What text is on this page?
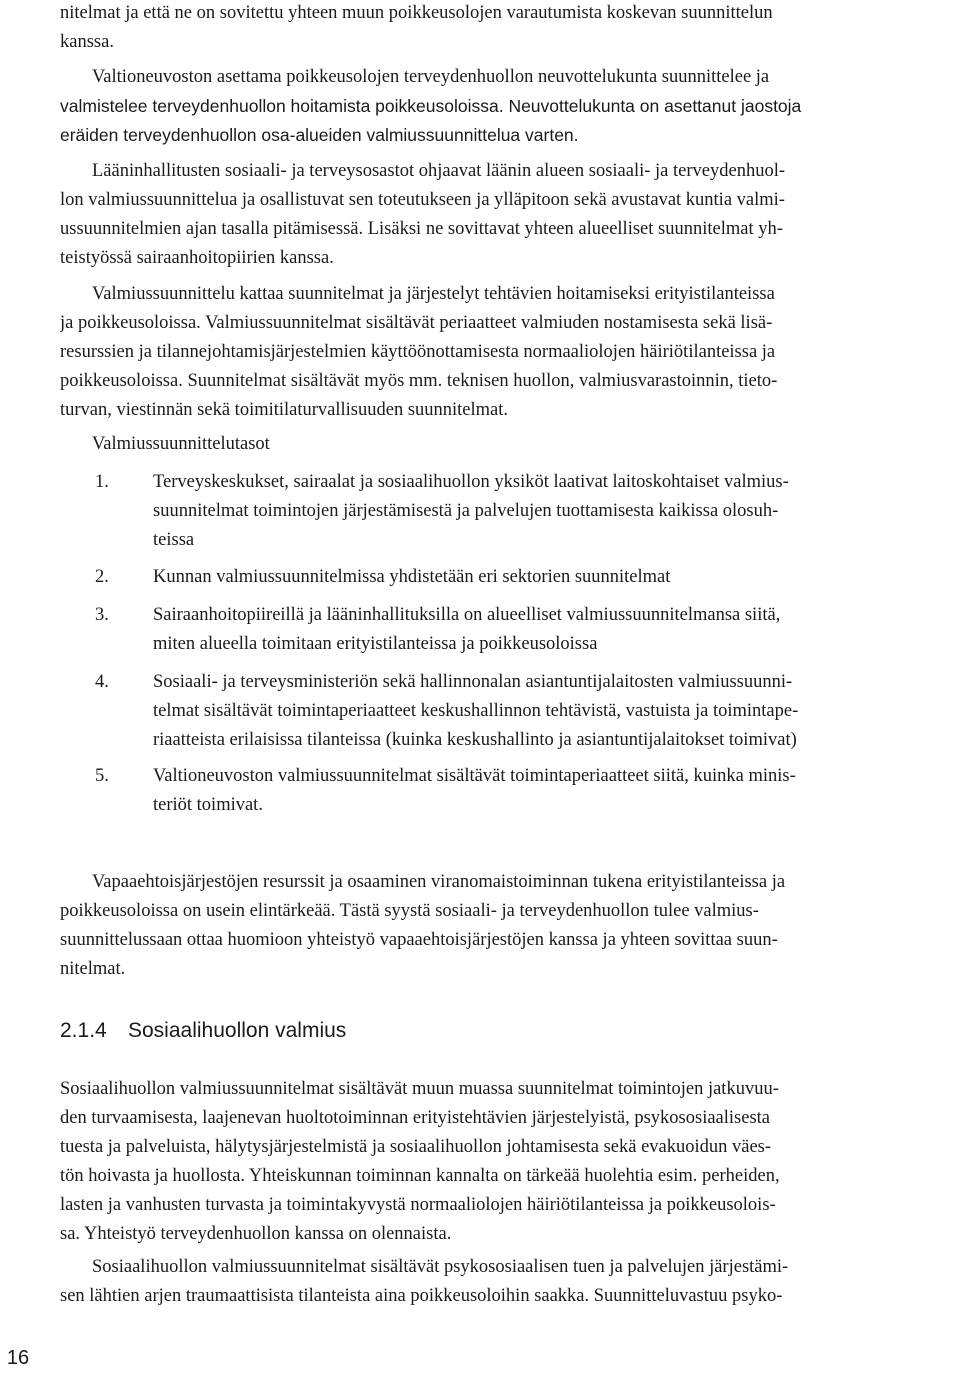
nitelmat ja että ne on sovitettu yhteen muun poikkeusolojen varautumista koskevan suunnittelun
kanssa.
Valtioneuvoston asettama poikkeusolojen terveydenhuollon neuvottelukunta suunnittelee ja
valmistelee terveydenhuollon hoitamista poikkeusoloissa. Neuvottelukunta on asettanut jaostoja
eräiden terveydenhuollon osa-alueiden valmiussuunnittelua varten.
Lääninhallitusten sosiaali- ja terveysosastot ohjaavat läänin alueen sosiaali- ja terveydenhuol-
lon valmiussuunnittelua ja osallistuvat sen toteutukseen ja ylläpitoon sekä avustavat kuntia valmi-
ussuunnitelmien ajan tasalla pitämisessä. Lisäksi ne sovittavat yhteen alueelliset suunnitelmat yh-
teistyössä sairaanhoitopiirien kanssa.
Valmiussuunnittelu kattaa suunnitelmat ja järjestelyt tehtävien hoitamiseksi erityistilanteissa
ja poikkeusoloissa. Valmiussuunnitelmat sisältävät periaatteet valmiuden nostamisesta sekä lisä-
resurssien ja tilannejohtamisjärjestelmien käyttöönottamisesta normaaliolojen häiriötilanteissa ja
poikkeusoloissa. Suunnitelmat sisältävät myös mm. teknisen huollon, valmiusvarastoinnin, tieto-
turvan, viestinnän sekä toimitilaturvallisuuden suunnitelmat.
Valmiussuunnittelutasot
1. Terveyskeskukset, sairaalat ja sosiaalihuollon yksiköt laativat laitoskohtaiset valmius-
suunnitelmat toimintojen järjestämisestä ja palvelujen tuottamisesta kaikissa olosuh-
teissa
2. Kunnan valmiussuunnitelmissa yhdistetään eri sektorien suunnitelmat
3. Sairaanhoitopiireillä ja lääninhallituksilla on alueelliset valmiussuunnitelmansa siitä,
miten alueella toimitaan erityistilanteissa ja poikkeusoloissa
4. Sosiaali- ja terveysministeriön sekä hallinnonalan asiantuntijalaitosten valmiussuunni-
telmat sisältävät toimintaperiaatteet keskushallinnon tehtävistä, vastuista ja toimintape-
riaatteista erilaisissa tilanteissa (kuinka keskushallinto ja asiantuntijalaitokset toimivat)
5. Valtioneuvoston valmiussuunnitelmat sisältävät toimintaperiaatteet siitä, kuinka minis-
teriöt toimivat.
Vapaaehtoisjärjestöjen resurssit ja osaaminen viranomaistoiminnan tukena erityistilanteissa ja
poikkeusoloissa on usein elintärkeää. Tästä syystä sosiaali- ja terveydenhuollon tulee valmius-
suunnittelussaan ottaa huomioon yhteistyö vapaaehtoisjärjestöjen kanssa ja yhteen sovittaa suun-
nitelmat.
2.1.4 Sosiaalihuollon valmius
Sosiaalihuollon valmiussuunnitelmat sisältävät muun muassa suunnitelmat toimintojen jatkuvuu-
den turvaamisesta, laajenevan huoltotoiminnan erityistehtävien järjestelyistä, psykososiaalisesta
tuesta ja palveluista, hälytysjärjestelmistä ja sosiaalihuollon johtamisesta sekä evakuoidun väes-
tön hoivasta ja huollosta. Yhteiskunnan toiminnan kannalta on tärkeää huolehtia esim. perheiden,
lasten ja vanhusten turvasta ja toimintakyvystä normaaliolojen häiriötilanteissa ja poikkeusolois-
sa. Yhteistyö terveydenhuollon kanssa on olennaista.
Sosiaalihuollon valmiussuunnitelmat sisältävät psykososiaalisen tuen ja palvelujen järjestämi-
sen lähtien arjen traumaattisista tilanteista aina poikkeusoloihin saakka. Suunnitteluvastuu psyko-
16
